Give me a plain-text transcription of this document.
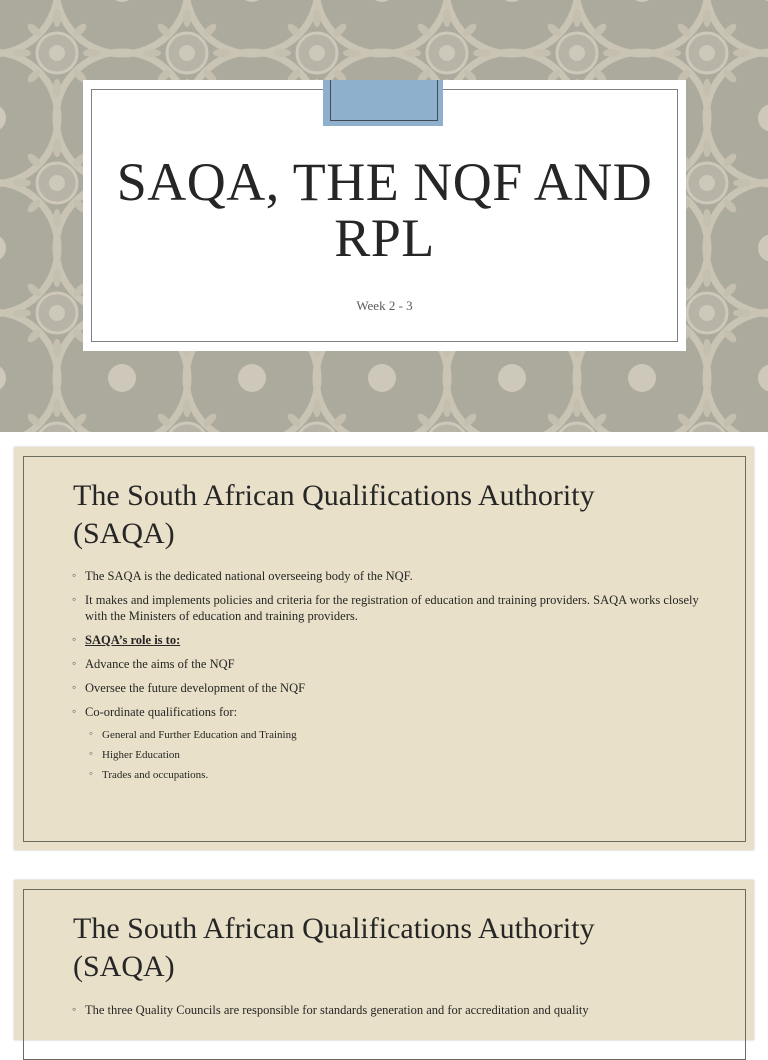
SAQA, THE NQF AND
RPL
Week 2 - 3
The South African Qualifications Authority
(SAQA)
◦ The SAQA is the dedicated national overseeing body of the NQF.
◦ It makes and implements policies and criteria for the registration of education and training providers. SAQA works closely with the Ministers of education and training providers.
◦ SAQA’s role is to:
◦ Advance the aims of the NQF
◦ Oversee the future development of the NQF
◦ Co-ordinate qualifications for:
◦ General and Further Education and Training
◦ Higher Education
◦ Trades and occupations.
The South African Qualifications Authority
(SAQA)
◦ The three Quality Councils are responsible for standards generation and for accreditation and quality
